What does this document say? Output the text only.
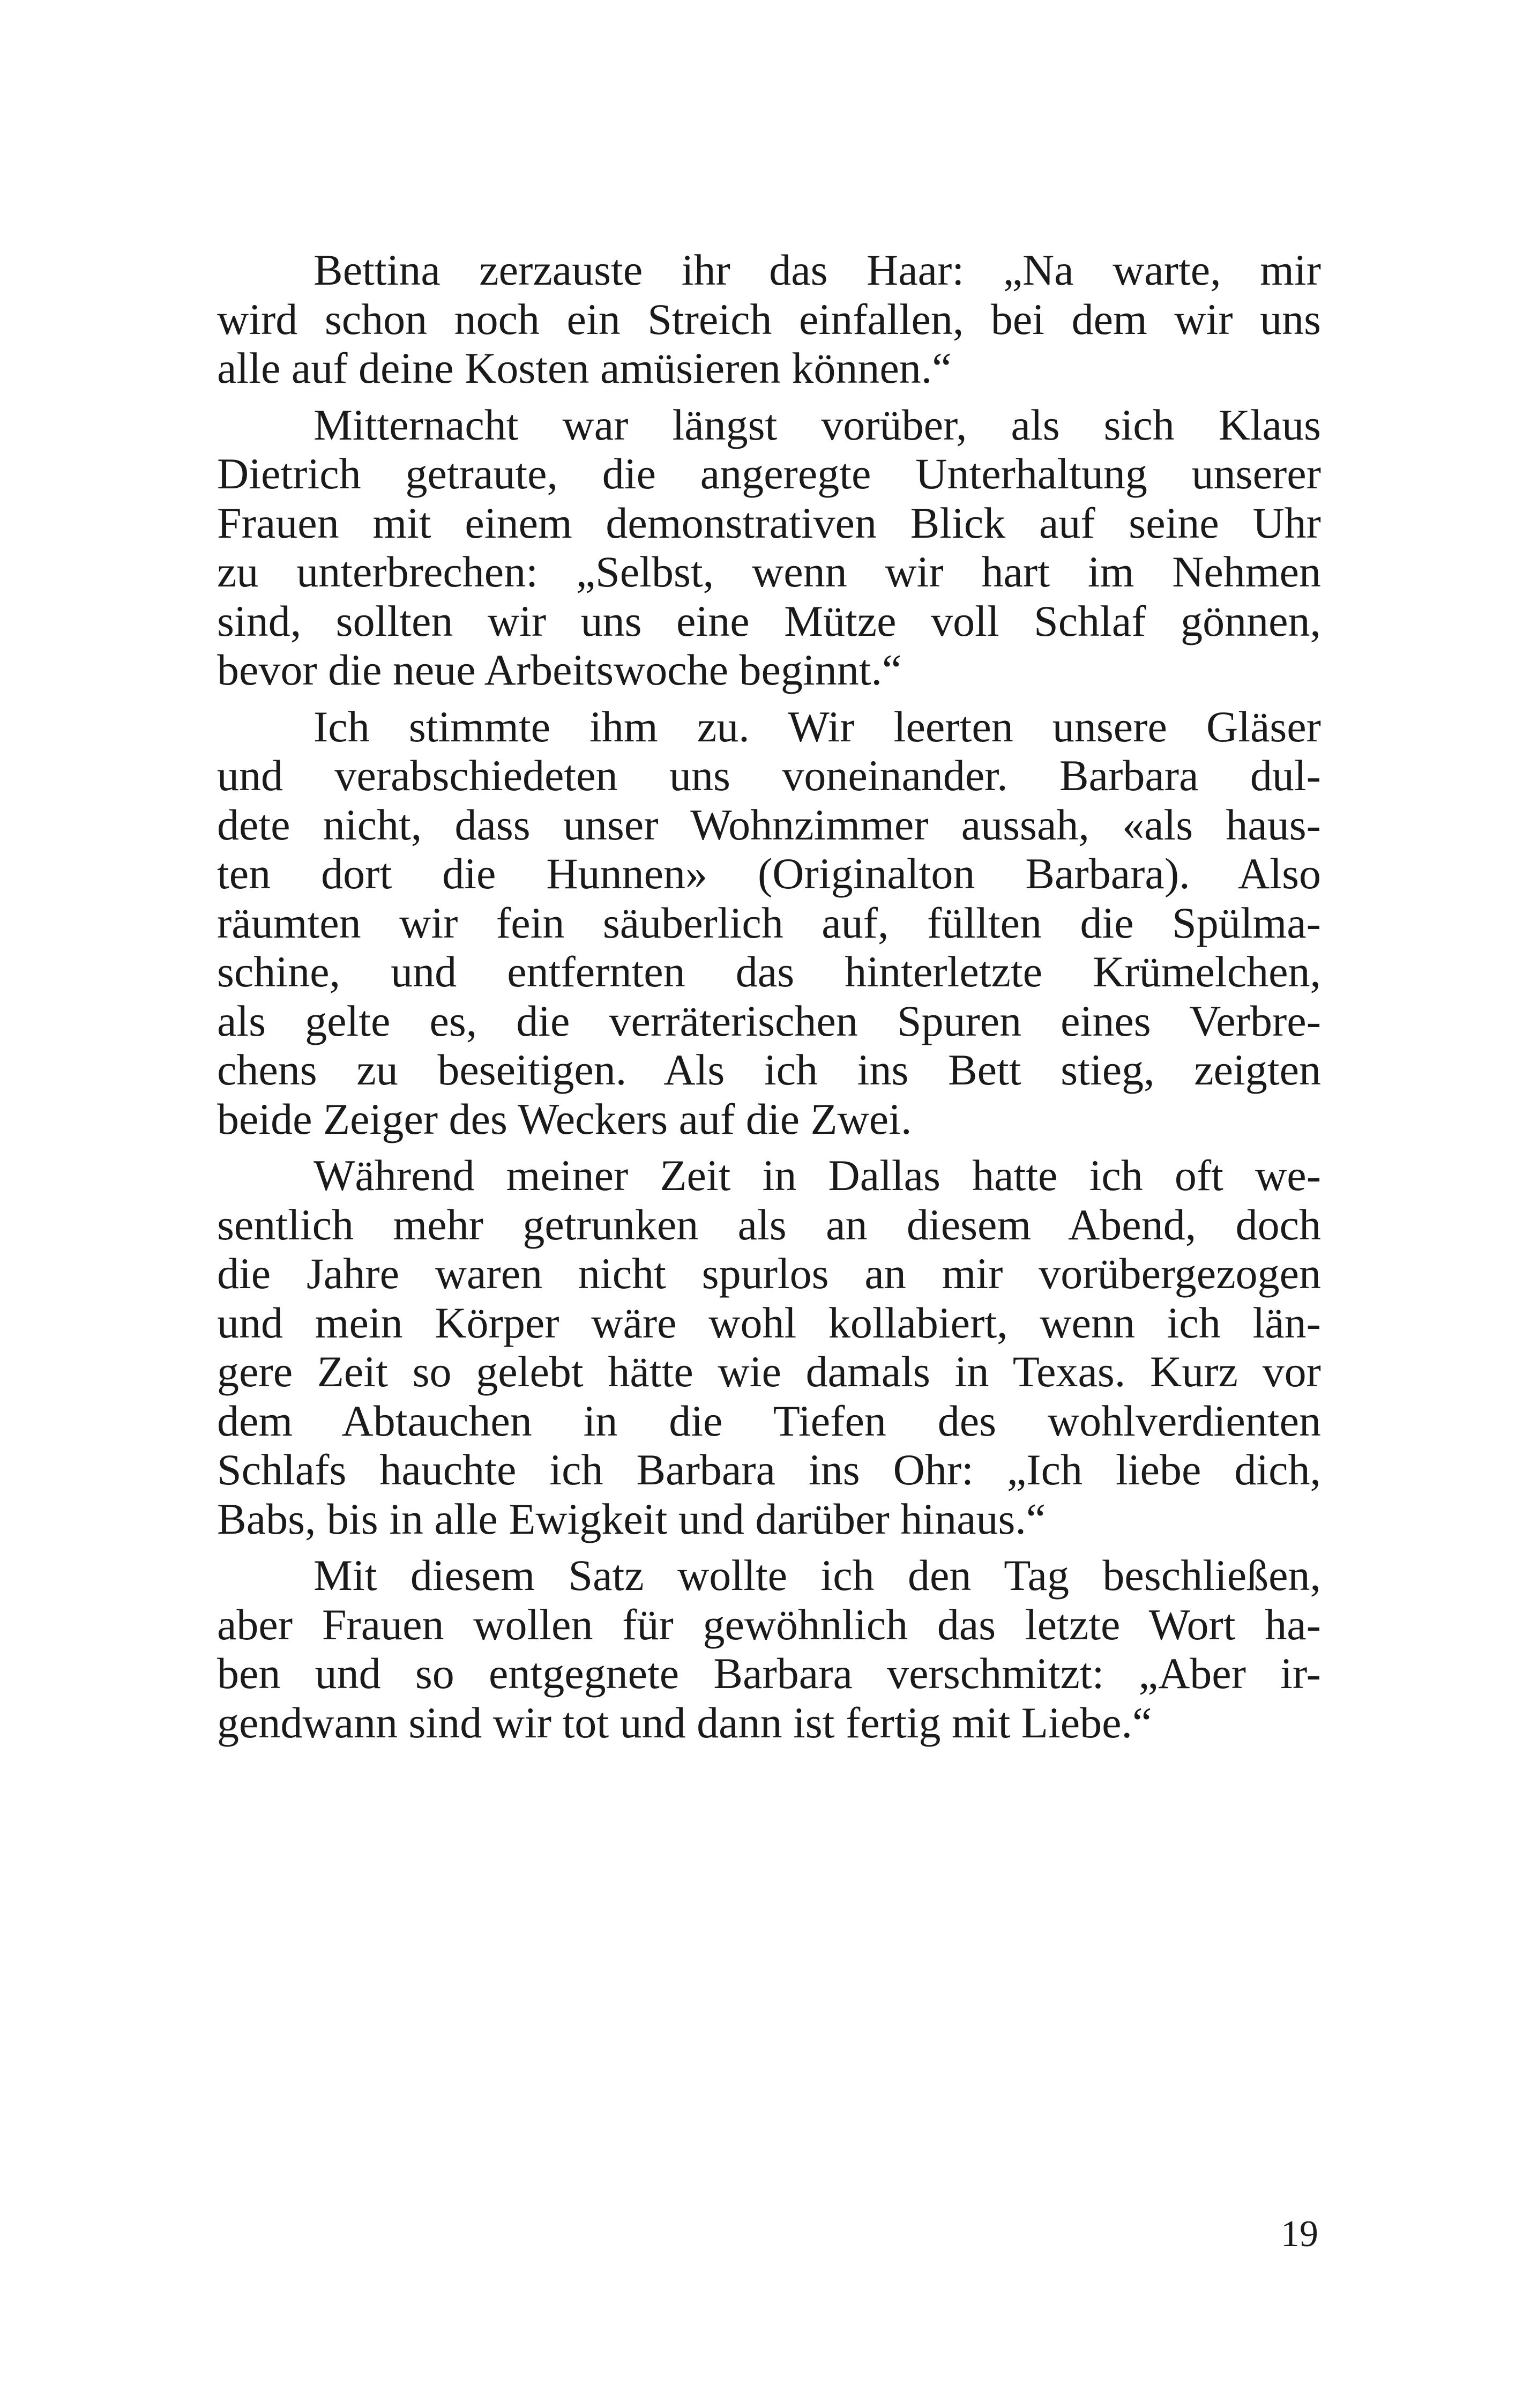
Bettina zerzauste ihr das Haar: „Na warte, mir
wird schon noch ein Streich einfallen, bei dem wir uns
alle auf deine Kosten amüsieren können.“
Mitternacht war längst vorüber, als sich Klaus
Dietrich getraute, die angeregte Unterhaltung unserer
Frauen mit einem demonstrativen Blick auf seine Uhr
zu unterbrechen: „Selbst, wenn wir hart im Nehmen
sind, sollten wir uns eine Mütze voll Schlaf gönnen,
bevor die neue Arbeitswoche beginnt.“
Ich stimmte ihm zu. Wir leerten unsere Gläser
und verabschiedeten uns voneinander. Barbara dul-
dete nicht, dass unser Wohnzimmer aussah, «als haus-
ten dort die Hunnen» (Originalton Barbara). Also
räumten wir fein säuberlich auf, füllten die Spülma-
schine, und entfernten das hinterletzte Krümelchen,
als gelte es, die verräterischen Spuren eines Verbre-
chens zu beseitigen. Als ich ins Bett stieg, zeigten
beide Zeiger des Weckers auf die Zwei.
Während meiner Zeit in Dallas hatte ich oft we-
sentlich mehr getrunken als an diesem Abend, doch
die Jahre waren nicht spurlos an mir vorübergezogen
und mein Körper wäre wohl kollabiert, wenn ich län-
gere Zeit so gelebt hätte wie damals in Texas. Kurz vor
dem Abtauchen in die Tiefen des wohlverdienten
Schlafs hauchte ich Barbara ins Ohr: „Ich liebe dich,
Babs, bis in alle Ewigkeit und darüber hinaus.“
Mit diesem Satz wollte ich den Tag beschließen,
aber Frauen wollen für gewöhnlich das letzte Wort ha-
ben und so entgegnete Barbara verschmitzt: „Aber ir-
gendwann sind wir tot und dann ist fertig mit Liebe.“
19
